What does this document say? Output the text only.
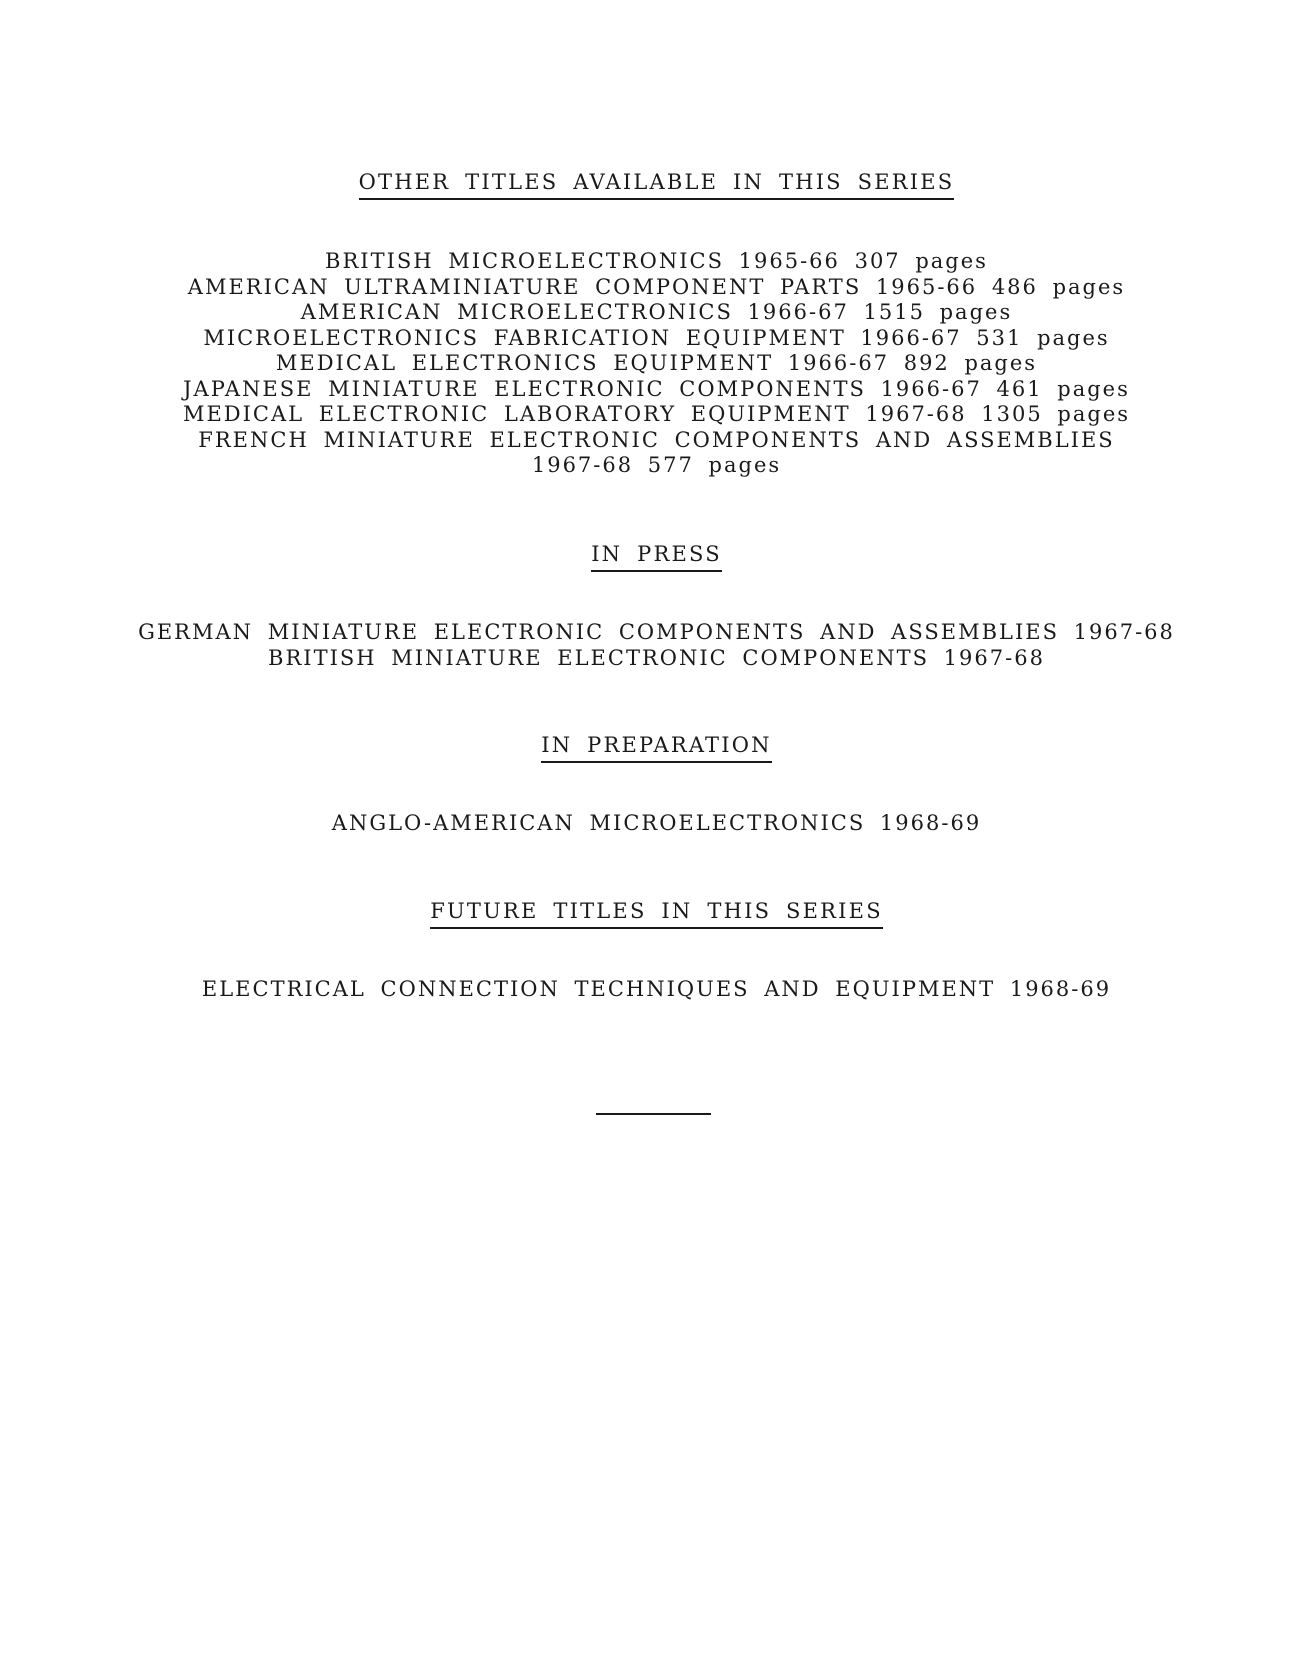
OTHER TITLES AVAILABLE IN THIS SERIES
BRITISH MICROELECTRONICS 1965-66 307 pages
AMERICAN ULTRAMINIATURE COMPONENT PARTS 1965-66 486 pages
AMERICAN MICROELECTRONICS 1966-67 1515 pages
MICROELECTRONICS FABRICATION EQUIPMENT 1966-67 531 pages
MEDICAL ELECTRONICS EQUIPMENT 1966-67 892 pages
JAPANESE MINIATURE ELECTRONIC COMPONENTS 1966-67 461 pages
MEDICAL ELECTRONIC LABORATORY EQUIPMENT 1967-68 1305 pages
FRENCH MINIATURE ELECTRONIC COMPONENTS AND ASSEMBLIES
1967-68 577 pages
IN PRESS
GERMAN MINIATURE ELECTRONIC COMPONENTS AND ASSEMBLIES 1967-68
BRITISH MINIATURE ELECTRONIC COMPONENTS 1967-68
IN PREPARATION
ANGLO-AMERICAN MICROELECTRONICS 1968-69
FUTURE TITLES IN THIS SERIES
ELECTRICAL CONNECTION TECHNIQUES AND EQUIPMENT 1968-69
